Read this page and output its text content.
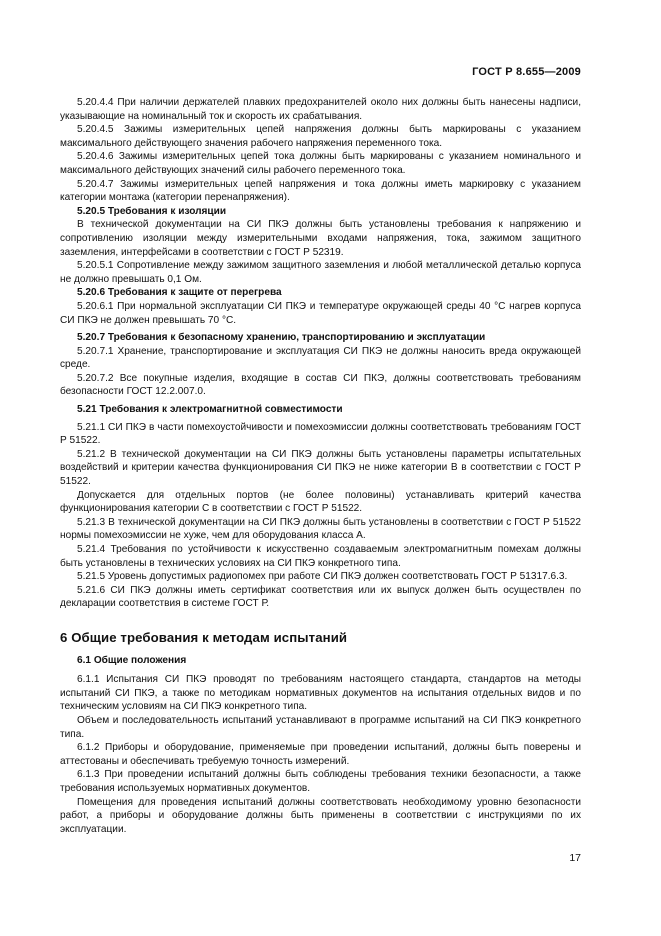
ГОСТ Р 8.655—2009

5.20.4.4 При наличии держателей плавких предохранителей около них должны быть нанесены надписи, указывающие на номинальный ток и скорость их срабатывания.

5.20.4.5 Зажимы измерительных цепей напряжения должны быть маркированы с указанием максимального действующего значения рабочего напряжения переменного тока.

5.20.4.6 Зажимы измерительных цепей тока должны быть маркированы с указанием номинального и максимального действующих значений силы рабочего переменного тока.

5.20.4.7 Зажимы измерительных цепей напряжения и тока должны иметь маркировку с указанием категории монтажа (категории перенапряжения).

5.20.5 Требования к изоляции

В технической документации на СИ ПКЭ должны быть установлены требования к напряжению и сопротивлению изоляции между измерительными входами напряжения, тока, зажимом защитного заземления, интерфейсами в соответствии с ГОСТ Р 52319.

5.20.5.1 Сопротивление между зажимом защитного заземления и любой металлической деталью корпуса не должно превышать 0,1 Ом.

5.20.6 Требования к защите от перегрева

5.20.6.1 При нормальной эксплуатации СИ ПКЭ и температуре окружающей среды 40 °С нагрев корпуса СИ ПКЭ не должен превышать 70 °С.

5.20.7 Требования к безопасному хранению, транспортированию и эксплуатации

5.20.7.1 Хранение, транспортирование и эксплуатация СИ ПКЭ не должны наносить вреда окружающей среде.

5.20.7.2 Все покупные изделия, входящие в состав СИ ПКЭ, должны соответствовать требованиям безопасности ГОСТ 12.2.007.0.

5.21 Требования к электромагнитной совместимости

5.21.1 СИ ПКЭ в части помехоустойчивости и помехоэмиссии должны соответствовать требованиям ГОСТ Р 51522.

5.21.2 В технической документации на СИ ПКЭ должны быть установлены параметры испытательных воздействий и критерии качества функционирования СИ ПКЭ не ниже категории В в соответствии с ГОСТ Р 51522.

Допускается для отдельных портов (не более половины) устанавливать критерий качества функционирования категории С в соответствии с ГОСТ Р 51522.

5.21.3 В технической документации на СИ ПКЭ должны быть установлены в соответствии с ГОСТ Р 51522 нормы помехоэмиссии не хуже, чем для оборудования класса А.

5.21.4 Требования по устойчивости к искусственно создаваемым электромагнитным помехам должны быть установлены в технических условиях на СИ ПКЭ конкретного типа.

5.21.5 Уровень допустимых радиопомех при работе СИ ПКЭ должен соответствовать ГОСТ Р 51317.6.3.

5.21.6 СИ ПКЭ должны иметь сертификат соответствия или их выпуск должен быть осуществлен по декларации соответствия в системе ГОСТ Р.

6 Общие требования к методам испытаний

6.1 Общие положения

6.1.1 Испытания СИ ПКЭ проводят по требованиям настоящего стандарта, стандартов на методы испытаний СИ ПКЭ, а также по методикам нормативных документов на испытания отдельных видов и по техническим условиям на СИ ПКЭ конкретного типа.

Объем и последовательность испытаний устанавливают в программе испытаний на СИ ПКЭ конкретного типа.

6.1.2 Приборы и оборудование, применяемые при проведении испытаний, должны быть поверены и аттестованы и обеспечивать требуемую точность измерений.

6.1.3 При проведении испытаний должны быть соблюдены требования техники безопасности, а также требования используемых нормативных документов.

Помещения для проведения испытаний должны соответствовать необходимому уровню безопасности работ, а приборы и оборудование должны быть применены в соответствии с инструкциями по их эксплуатации.

17
